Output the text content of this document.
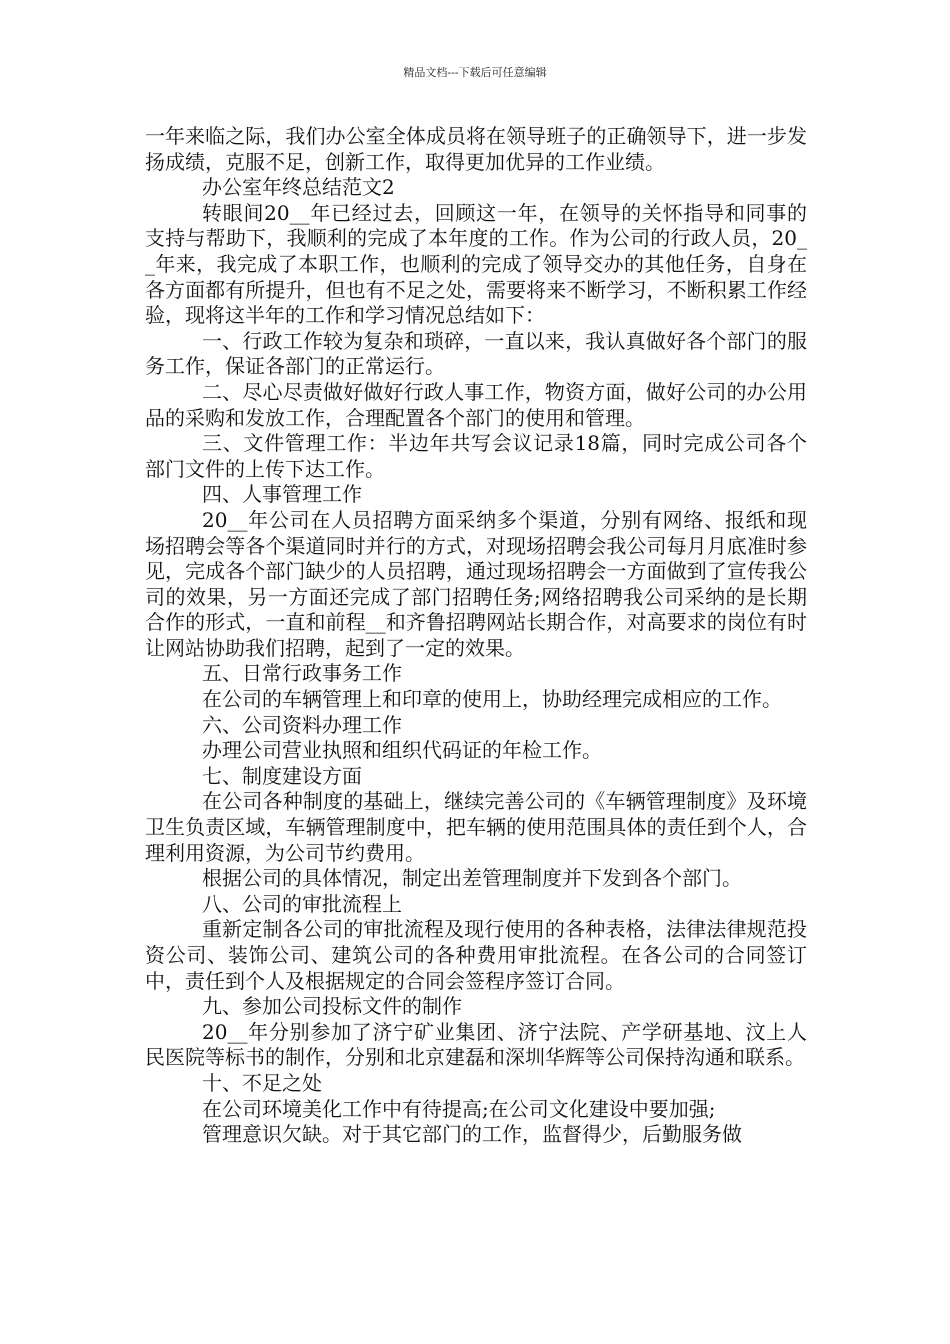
精品文档---下载后可任意编辑

一年来临之际，我们办公室全体成员将在领导班子的正确领导下，进一步发扬成绩，克服不足，创新工作，取得更加优异的工作业绩。

办公室年终总结范文2

转眼间20__年已经过去，回顾这一年，在领导的关怀指导和同事的支持与帮助下，我顺利的完成了本年度的工作。作为公司的行政人员，20__年来，我完成了本职工作，也顺利的完成了领导交办的其他任务，自身在各方面都有所提升，但也有不足之处，需要将来不断学习，不断积累工作经验，现将这半年的工作和学习情况总结如下：

一、行政工作较为复杂和琐碎，一直以来，我认真做好各个部门的服务工作，保证各部门的正常运行。

二、尽心尽责做好做好行政人事工作，物资方面，做好公司的办公用品的采购和发放工作，合理配置各个部门的使用和管理。

三、文件管理工作：半边年共写会议记录18篇，同时完成公司各个部门文件的上传下达工作。

四、人事管理工作

20__年公司在人员招聘方面采纳多个渠道，分别有网络、报纸和现场招聘会等各个渠道同时并行的方式，对现场招聘会我公司每月月底准时参见，完成各个部门缺少的人员招聘，通过现场招聘会一方面做到了宣传我公司的效果，另一方面还完成了部门招聘任务;网络招聘我公司采纳的是长期合作的形式，一直和前程__和齐鲁招聘网站长期合作，对高要求的岗位有时让网站协助我们招聘，起到了一定的效果。

五、日常行政事务工作

在公司的车辆管理上和印章的使用上，协助经理完成相应的工作。

六、公司资料办理工作

办理公司营业执照和组织代码证的年检工作。

七、制度建设方面

在公司各种制度的基础上，继续完善公司的《车辆管理制度》及环境卫生负责区域，车辆管理制度中，把车辆的使用范围具体的责任到个人，合理利用资源，为公司节约费用。

根据公司的具体情况，制定出差管理制度并下发到各个部门。

八、公司的审批流程上

重新定制各公司的审批流程及现行使用的各种表格，法律法律规范投资公司、装饰公司、建筑公司的各种费用审批流程。在各公司的合同签订中，责任到个人及根据规定的合同会签程序签订合同。

九、参加公司投标文件的制作

20__年分别参加了济宁矿业集团、济宁法院、产学研基地、汶上人民医院等标书的制作，分别和北京建磊和深圳华辉等公司保持沟通和联系。

十、不足之处

在公司环境美化工作中有待提高;在公司文化建设中要加强;

管理意识欠缺。对于其它部门的工作，监督得少，后勤服务做
